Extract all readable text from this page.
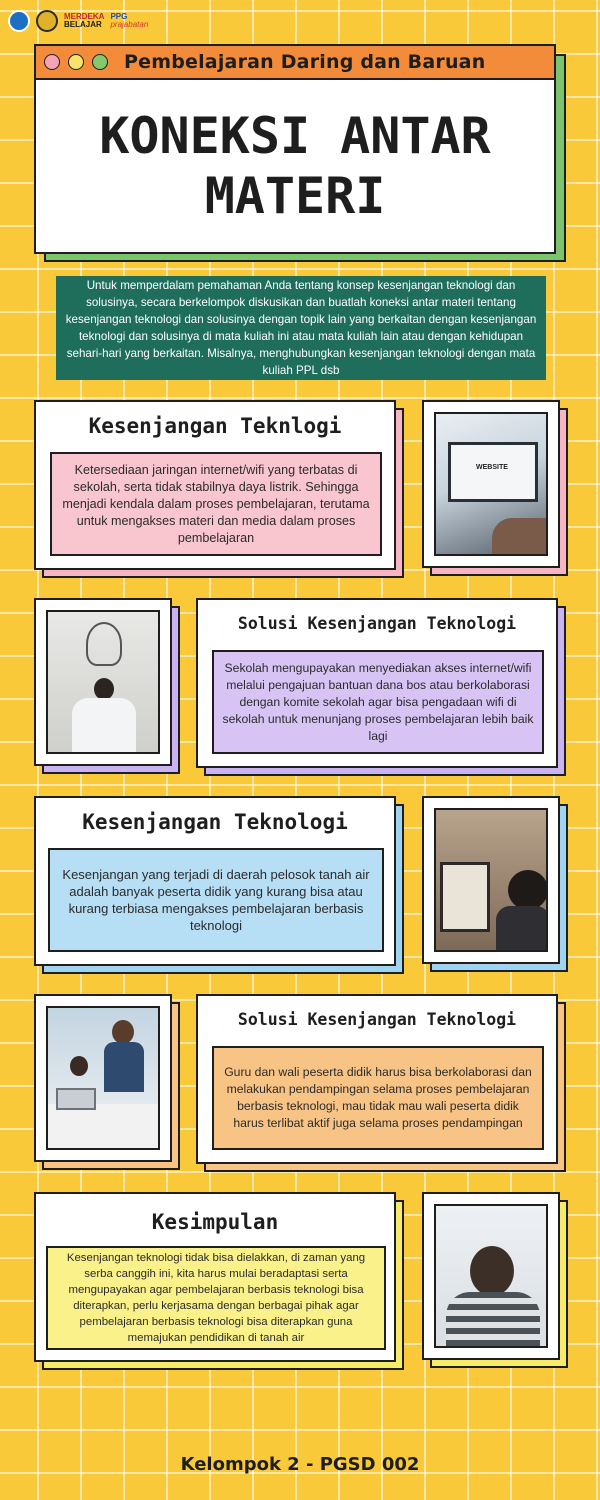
MERDEKA
BELAJAR
PPG
prajabatan
Pembelajaran Daring dan Baruan
KONEKSI ANTAR
MATERI
Untuk memperdalam pemahaman Anda tentang konsep kesenjangan teknologi dan solusinya, secara berkelompok diskusikan dan buatlah koneksi antar materi tentang kesenjangan teknologi dan solusinya dengan topik lain yang berkaitan dengan kesenjangan teknologi dan solusinya di mata kuliah ini atau mata kuliah lain atau dengan kehidupan sehari-hari yang berkaitan. Misalnya, menghubungkan kesenjangan teknologi dengan mata kuliah PPL dsb
Kesenjangan Teknlogi
Ketersediaan jaringan internet/wifi yang terbatas di sekolah, serta tidak stabilnya daya listrik. Sehingga menjadi kendala dalam proses pembelajaran, terutama untuk mengakses materi dan media dalam proses pembelajaran
WEBSITE
Solusi Kesenjangan Teknologi
Sekolah mengupayakan menyediakan akses internet/wifi melalui pengajuan bantuan dana bos atau berkolaborasi dengan komite sekolah agar bisa pengadaan wifi di sekolah untuk menunjang proses pembelajaran lebih baik lagi
Kesenjangan Teknologi
Kesenjangan yang terjadi di daerah pelosok tanah air adalah banyak peserta didik yang kurang bisa atau kurang terbiasa mengakses pembelajaran berbasis teknologi
Solusi Kesenjangan Teknologi
Guru dan wali peserta didik harus bisa berkolaborasi dan melakukan pendampingan selama proses pembelajaran berbasis teknologi, mau tidak mau wali peserta didik harus terlibat aktif juga selama proses pendampingan
Kesimpulan
Kesenjangan teknologi tidak bisa dielakkan, di zaman yang serba canggih ini, kita harus mulai beradaptasi serta mengupayakan agar pembelajaran berbasis teknologi bisa diterapkan, perlu kerjasama dengan berbagai pihak agar pembelajaran berbasis teknologi bisa diterapkan guna memajukan pendidikan di tanah air
Kelompok 2 - PGSD 002
